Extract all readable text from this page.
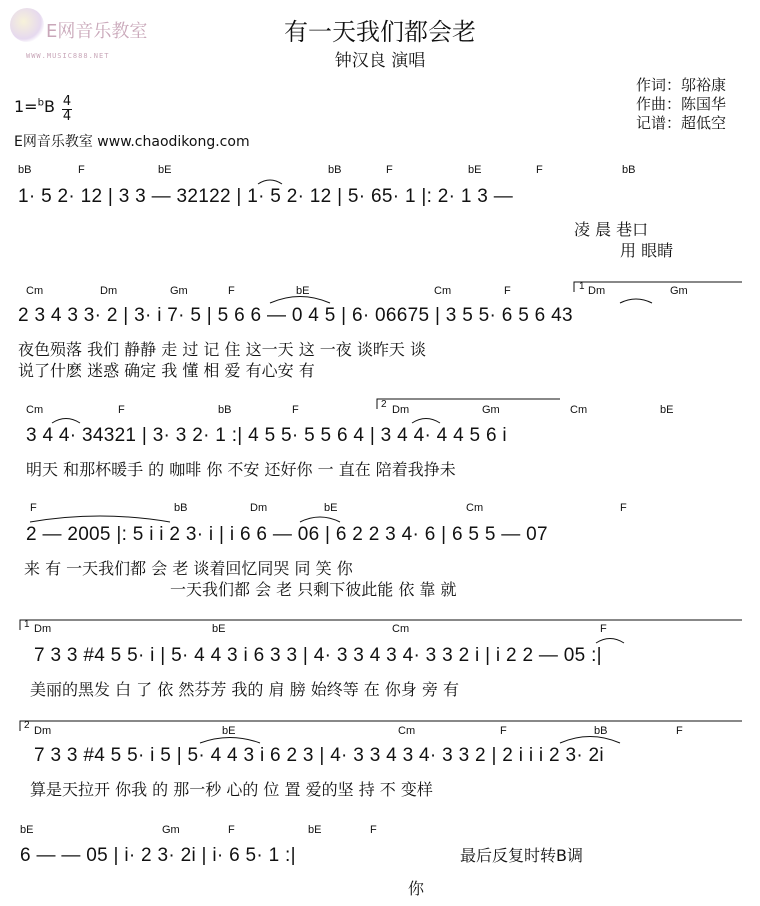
E网音乐教室
WWW.MUSIC888.NET
有一天我们都会老
钟汉良 演唱
作词：邬裕康
作曲：陈国华
记谱：超低空
1=$^b$B 4
4
E网音乐教室 www.chaodikong.com
bB	F	bE	bB	F	bE	F	bB
1· 5 2· 12 | 3 3 — 32122 | 1· 5 2· 12 | 5· 65· 1 |: 2· 1 3 —
凌 晨 巷口
用 眼睛
Cm	Dm	Gm	F	bE	Cm	F	Dm	Gm
1
2 3 4 3 3· 2 | 3· i 7· 5 | 5 6 6 — 0 4 5 | 6· 06675 | 3 5 5· 6 5 6 43
夜色殒落 我们 静静 走 过 记 住 这一天 这 一夜 谈昨天 谈
说了什麽 迷惑 确定 我 懂 相 爱 有心安 有
Cm	F	bB	F	Dm	Gm	Cm	bE
2
3 4 4· 34321 | 3· 3 2· 1 :| 4 5 5· 5 5 6 4 | 3 4 4· 4 4 5 6 i
明天 和那杯暖手 的 咖啡 你 不安 还好你 一 直在 陪着我挣未
F	bB	Dm	bE	Cm	F
2 — 2005 |: 5 i i 2 3· i | i 6 6 — 06 | 6 2 2 3 4· 6 | 6 5 5 — 07
来 有 一天我们都 会 老 谈着回忆同哭 同 笑 你
一天我们都 会 老 只剩下彼此能 依 靠 就
Dm	bE	Cm	F
1
7 3 3 #4 5 5· i | 5· 4 4 3 i 6 3 3 | 4· 3 3 4 3 4· 3 3 2 i | i 2 2 — 05 :|
美丽的黑发 白 了 依 然芬芳 我的 肩 膀 始终等 在 你身 旁 有
Dm	bE	Cm	F	bB	F
2
7 3 3 #4 5 5· i 5 | 5· 4 4 3 i 6 2 3 | 4· 3 3 4 3 4· 3 3 2 | 2 i i i 2 3· 2i
算是天拉开 你我 的 那一秒 心的 位 置 爱的坚 持 不 变样
bE	Gm	F	bE	F
6 — — 05 | i· 2 3· 2i | i· 6 5· 1 :|
你
最后反复时转B调
